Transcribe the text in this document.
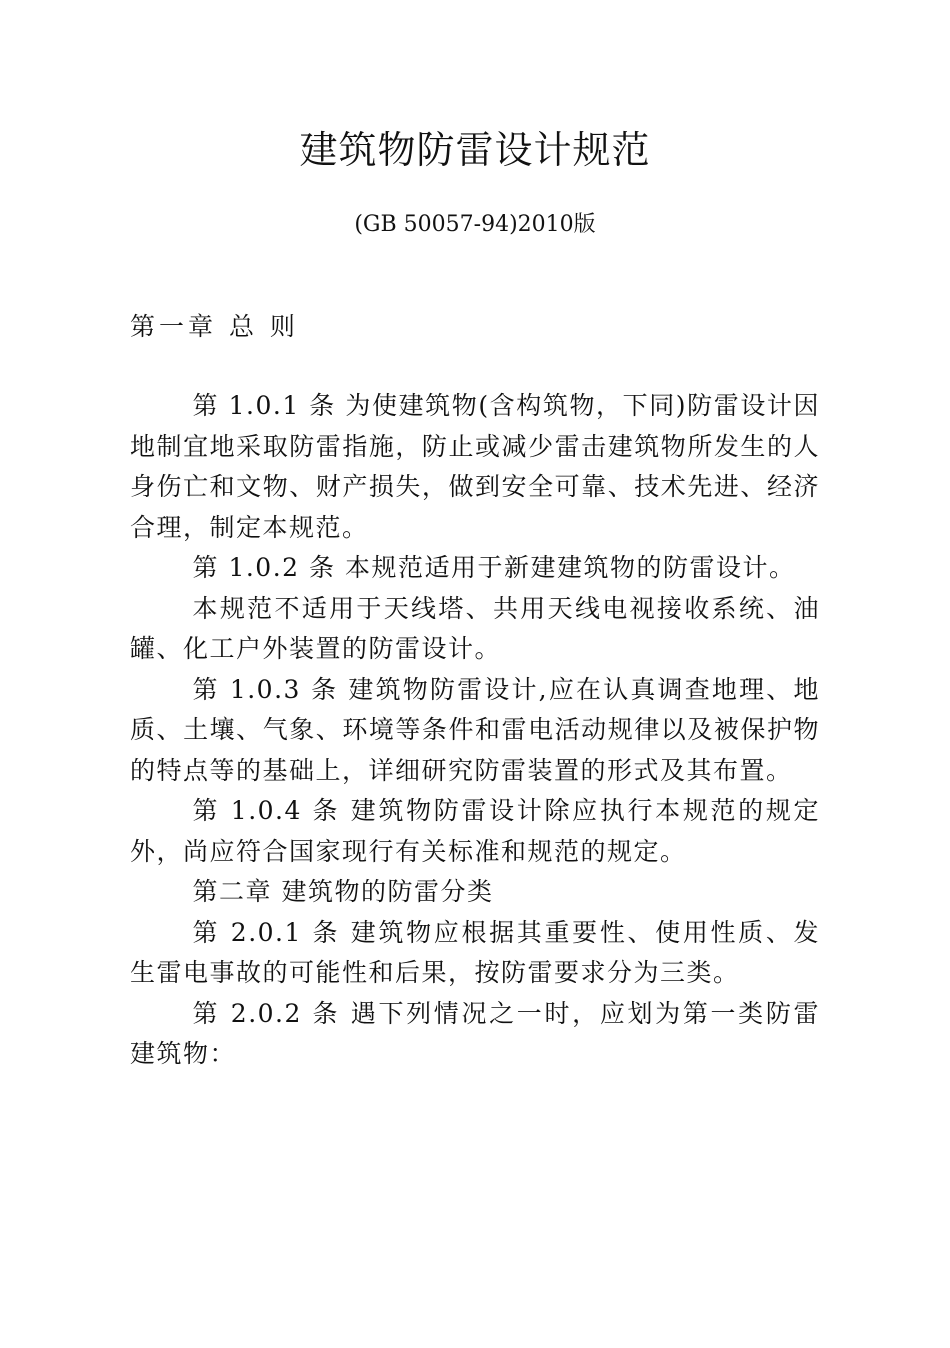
建筑物防雷设计规范
(GB 50057-94)2010版
第一章 总 则

第 1.0.1 条 为使建筑物(含构筑物，下同)防雷设计因地制宜地采取防雷指施，防止或减少雷击建筑物所发生的人身伤亡和文物、财产损失，做到安全可靠、技术先进、经济合理，制定本规范。

第 1.0.2 条 本规范适用于新建建筑物的防雷设计。

本规范不适用于天线塔、共用天线电视接收系统、油罐、化工户外装置的防雷设计。

第 1.0.3 条 建筑物防雷设计,应在认真调查地理、地质、土壤、气象、环境等条件和雷电活动规律以及被保护物的特点等的基础上，详细研究防雷装置的形式及其布置。

第 1.0.4 条 建筑物防雷设计除应执行本规范的规定外，尚应符合国家现行有关标准和规范的规定。

第二章 建筑物的防雷分类

第 2.0.1 条 建筑物应根据其重要性、使用性质、发生雷电事故的可能性和后果，按防雷要求分为三类。

第 2.0.2 条 遇下列情况之一时，应划为第一类防雷建筑物：
